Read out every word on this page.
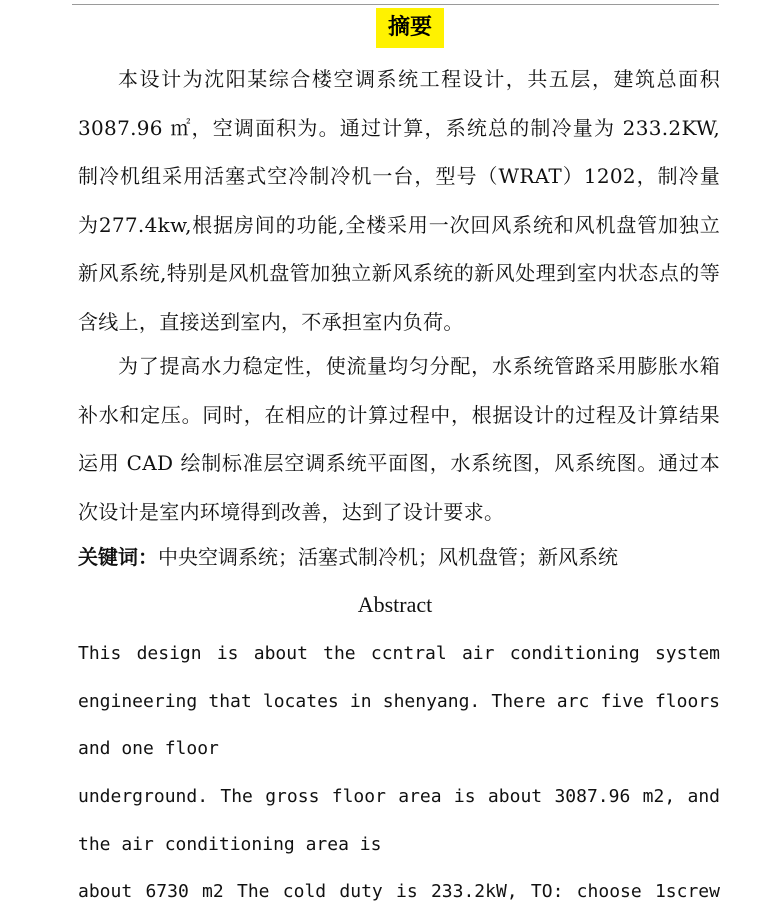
摘要

本设计为沈阳某综合楼空调系统工程设计，共五层，建筑总面积3087.96 ㎡，空调面积为。通过计算，系统总的制冷量为 233.2KW,制冷机组采用活塞式空冷制冷机一台，型号（WRAT）1202，制冷量为277.4kw,根据房间的功能,全楼采用一次回风系统和风机盘管加独立新风系统,特别是风机盘管加独立新风系统的新风处理到室内状态点的等含线上，直接送到室内，不承担室内负荷。

为了提高水力稳定性，使流量均匀分配，水系统管路采用膨胀水箱补水和定压。同时，在相应的计算过程中，根据设计的过程及计算结果运用 CAD 绘制标准层空调系统平面图，水系统图，风系统图。通过本次设计是室内环境得到改善，达到了设计要求。

关键词：中央空调系统；活塞式制冷机；风机盘管；新风系统

Abstract
This design is about the ccntral air conditioning system
engineering that locates in shenyang. There arc five floors
and one floor
underground. The gross floor area is about 3087.96 m2, and
the air conditioning area is
about 6730 m2 The cold duty is 233.2kW, TO: choose 1screw
